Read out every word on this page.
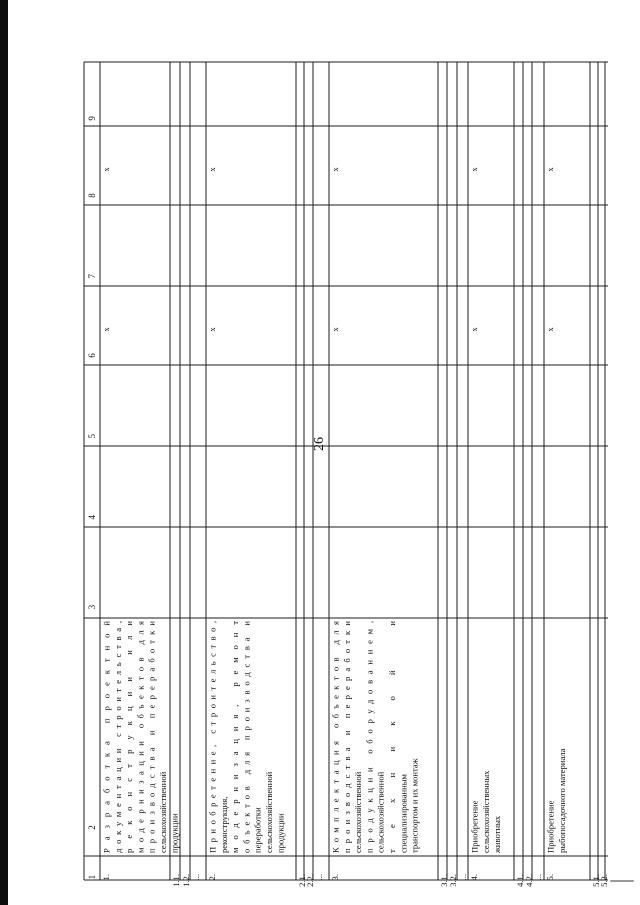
26
1
2
3
4
5
6
7
8
9
1.
Разработка проектной
документации строительства,
реконструкции или
модернизации объектов для
производства и переработки
сельскохозяйственной продукции
x
x
1.1. 1.2. ... 2.
Приобретение, строительство,
реконструкция, модернизация, ремонт
объектов для производства и
переработки сельскохозяйственной продукции
x
x
2.1.
2.2. ... 3.
Комплектация объектов для
производства и переработки
сельскохозяйственной продукции оборудованием,
сельскохозяйственной техникой и
специализированным транспортом и их монтаж
x
x
3.1. 3.2. ... 4.
Приобретение сельскохозяйственных животных
x
x
4.1. 4.2. ... 5.
Приобретение рыбопосадочного материала
x
x
5.1.
5.2.
